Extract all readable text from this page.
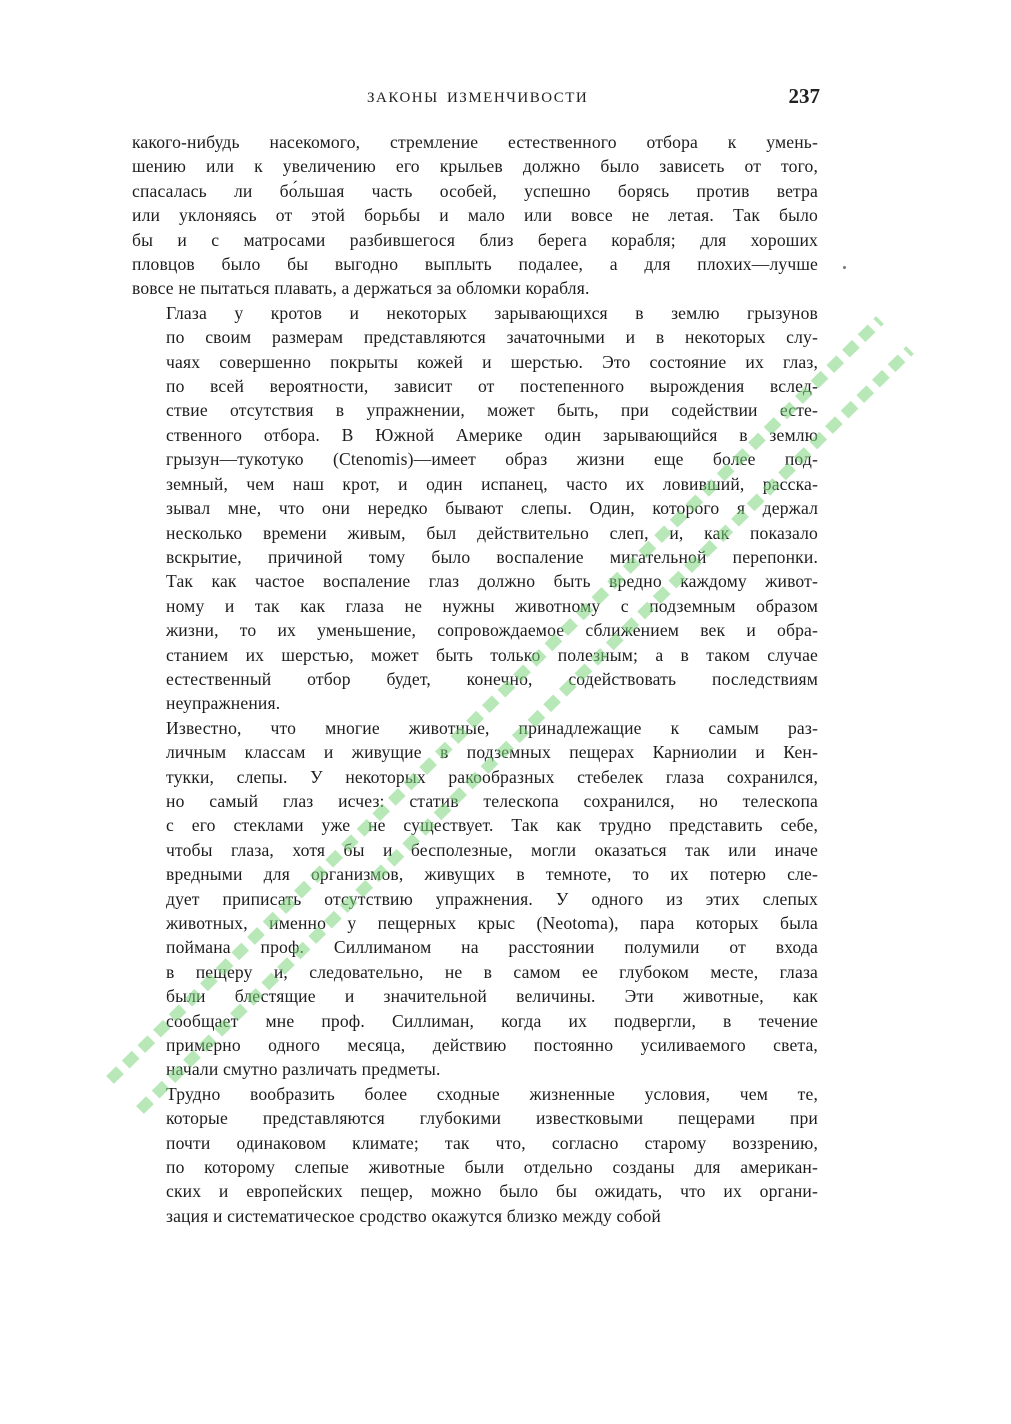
ЗАКОНЫ ИЗМЕНЧИВОСТИ	237

какого-нибудь насекомого, стремление естественного отбора к умень-
шению или к увеличению его крыльев должно было зависеть от того,
спасалась ли бо́льшая часть особей, успешно борясь против ветра
или уклоняясь от этой борьбы и мало или вовсе не летая. Так было
бы и с матросами разбившегося близ берега корабля; для хороших
пловцов было бы выгодно выплыть подалее, а для плохих—лучше
вовсе не пытаться плавать, а держаться за обломки корабля.

Глаза у кротов и некоторых зарывающихся в землю грызунов
по своим размерам представляются зачаточными и в некоторых слу-
чаях совершенно покрыты кожей и шерстью. Это состояние их глаз,
по всей вероятности, зависит от постепенного вырождения вслед-
ствие отсутствия в упражнении, может быть, при содействии есте-
ственного отбора. В Южной Америке один зарывающийся в землю
грызун—тукотуко (Ctenomis)—имеет образ жизни еще более под-
земный, чем наш крот, и один испанец, часто их ловивший, расска-
зывал мне, что они нередко бывают слепы. Один, которого я держал
несколько времени живым, был действительно слеп, и, как показало
вскрытие, причиной тому было воспаление мигательной перепонки.
Так как частое воспаление глаз должно быть вредно каждому живот-
ному и так как глаза не нужны животному с подземным образом
жизни, то их уменьшение, сопровождаемое сближением век и обра-
станием их шерстью, может быть только полезным; а в таком случае
естественный отбор будет, конечно, содействовать последствиям
неупражнения.

Известно, что многие животные, принадлежащие к самым раз-
личным классам и живущие в подземных пещерах Карниолии и Кен-
тукки, слепы. У некоторых ракообразных стебелек глаза сохранился,
но самый глаз исчез: статив телескопа сохранился, но телескопа
с его стеклами уже не существует. Так как трудно представить себе,
чтобы глаза, хотя бы и бесполезные, могли оказаться так или иначе
вредными для организмов, живущих в темноте, то их потерю сле-
дует приписать отсутствию упражнения. У одного из этих слепых
животных, именно у пещерных крыс (Neotoma), пара которых была
поймана проф. Силлиманом на расстоянии полумили от входа
в пещеру и, следовательно, не в самом ее глубоком месте, глаза
были блестящие и значительной величины. Эти животные, как
сообщает мне проф. Силлиман, когда их подвергли, в течение
примерно одного месяца, действию постоянно усиливаемого света,
начали смутно различать предметы.

Трудно вообразить более сходные жизненные условия, чем те,
которые представляются глубокими известковыми пещерами при
почти одинаковом климате; так что, согласно старому воззрению,
по которому слепые животные были отдельно созданы для американ-
ских и европейских пещер, можно было бы ожидать, что их органи-
зация и систематическое сродство окажутся близко между собой
